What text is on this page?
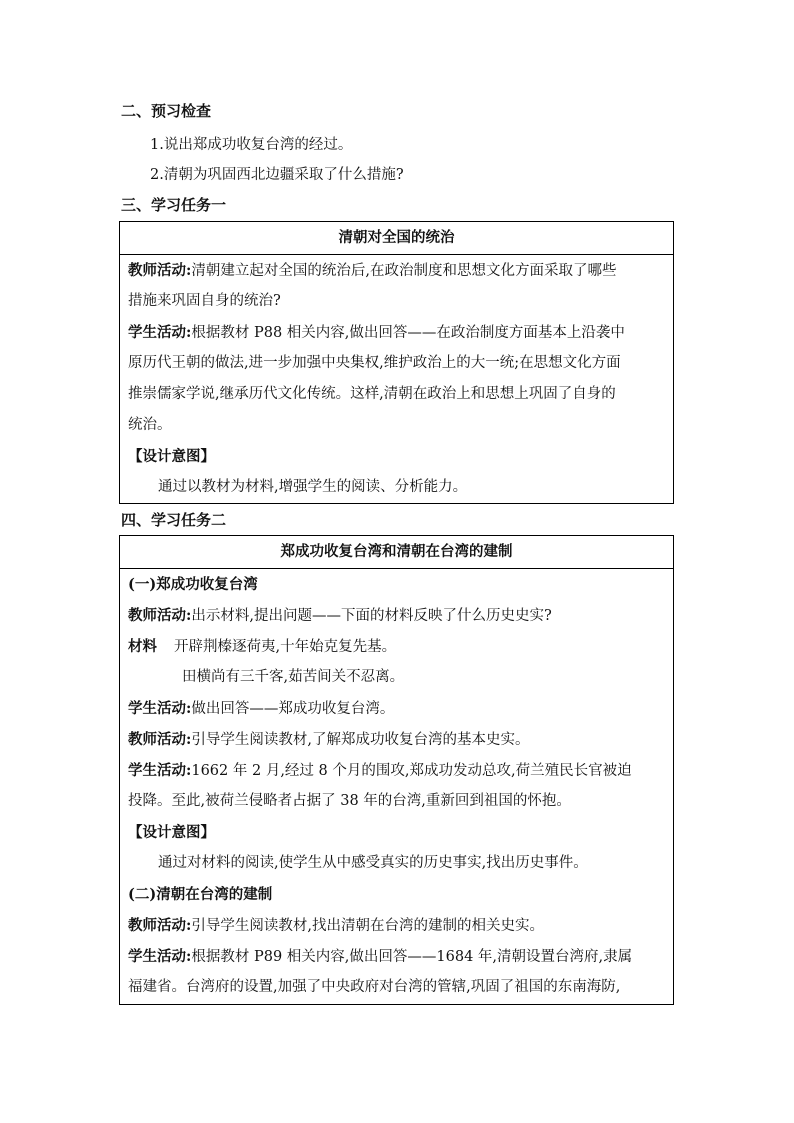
二、预习检查
1.说出郑成功收复台湾的经过。
2.清朝为巩固西北边疆采取了什么措施?
三、学习任务一
清朝对全国的统治
教师活动:清朝建立起对全国的统治后,在政治制度和思想文化方面采取了哪些
措施来巩固自身的统治?
学生活动:根据教材 P88 相关内容,做出回答——在政治制度方面基本上沿袭中
原历代王朝的做法,进一步加强中央集权,维护政治上的大一统;在思想文化方面
推崇儒家学说,继承历代文化传统。这样,清朝在政治上和思想上巩固了自身的
统治。
【设计意图】
通过以教材为材料,增强学生的阅读、分析能力。
四、学习任务二
郑成功收复台湾和清朝在台湾的建制
(一)郑成功收复台湾
教师活动:出示材料,提出问题——下面的材料反映了什么历史史实?
材料 开辟荆榛逐荷夷,十年始克复先基。
田横尚有三千客,茹苦间关不忍离。
学生活动:做出回答——郑成功收复台湾。
教师活动:引导学生阅读教材,了解郑成功收复台湾的基本史实。
学生活动:1662 年 2 月,经过 8 个月的围攻,郑成功发动总攻,荷兰殖民长官被迫
投降。至此,被荷兰侵略者占据了 38 年的台湾,重新回到祖国的怀抱。
【设计意图】
通过对材料的阅读,使学生从中感受真实的历史事实,找出历史事件。
(二)清朝在台湾的建制
教师活动:引导学生阅读教材,找出清朝在台湾的建制的相关史实。
学生活动:根据教材 P89 相关内容,做出回答——1684 年,清朝设置台湾府,隶属
福建省。台湾府的设置,加强了中央政府对台湾的管辖,巩固了祖国的东南海防,
